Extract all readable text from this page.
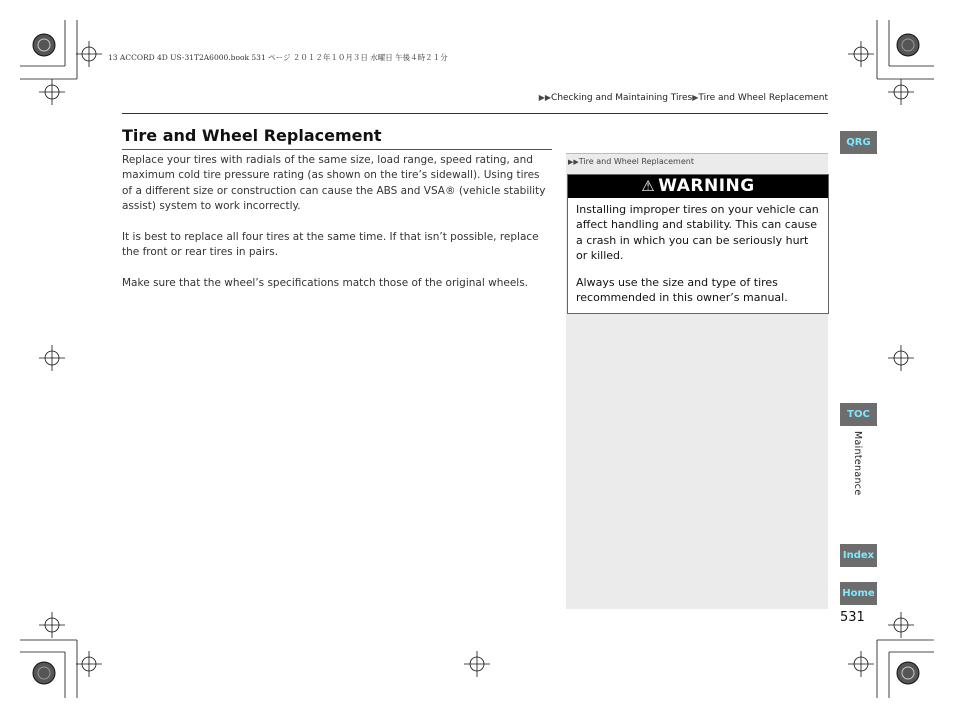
13 ACCORD 4D US-31T2A6000.book 531 ページ ２０１２年１０月３日 水曜日 午後４時２１分
▶▶Checking and Maintaining Tires▶Tire and Wheel Replacement
Tire and Wheel Replacement

Replace your tires with radials of the same size, load range, speed rating, and maximum cold tire pressure rating (as shown on the tire’s sidewall). Using tires of a different size or construction can cause the ABS and VSA® (vehicle stability assist) system to work incorrectly.

It is best to replace all four tires at the same time. If that isn’t possible, replace the front or rear tires in pairs.

Make sure that the wheel’s specifications match those of the original wheels.

▶▶Tire and Wheel Replacement
⚠ WARNING

Installing improper tires on your vehicle can affect handling and stability. This can cause a crash in which you can be seriously hurt or killed.

Always use the size and type of tires recommended in this owner’s manual.

QRG
TOC
Maintenance
Index
Home
531
